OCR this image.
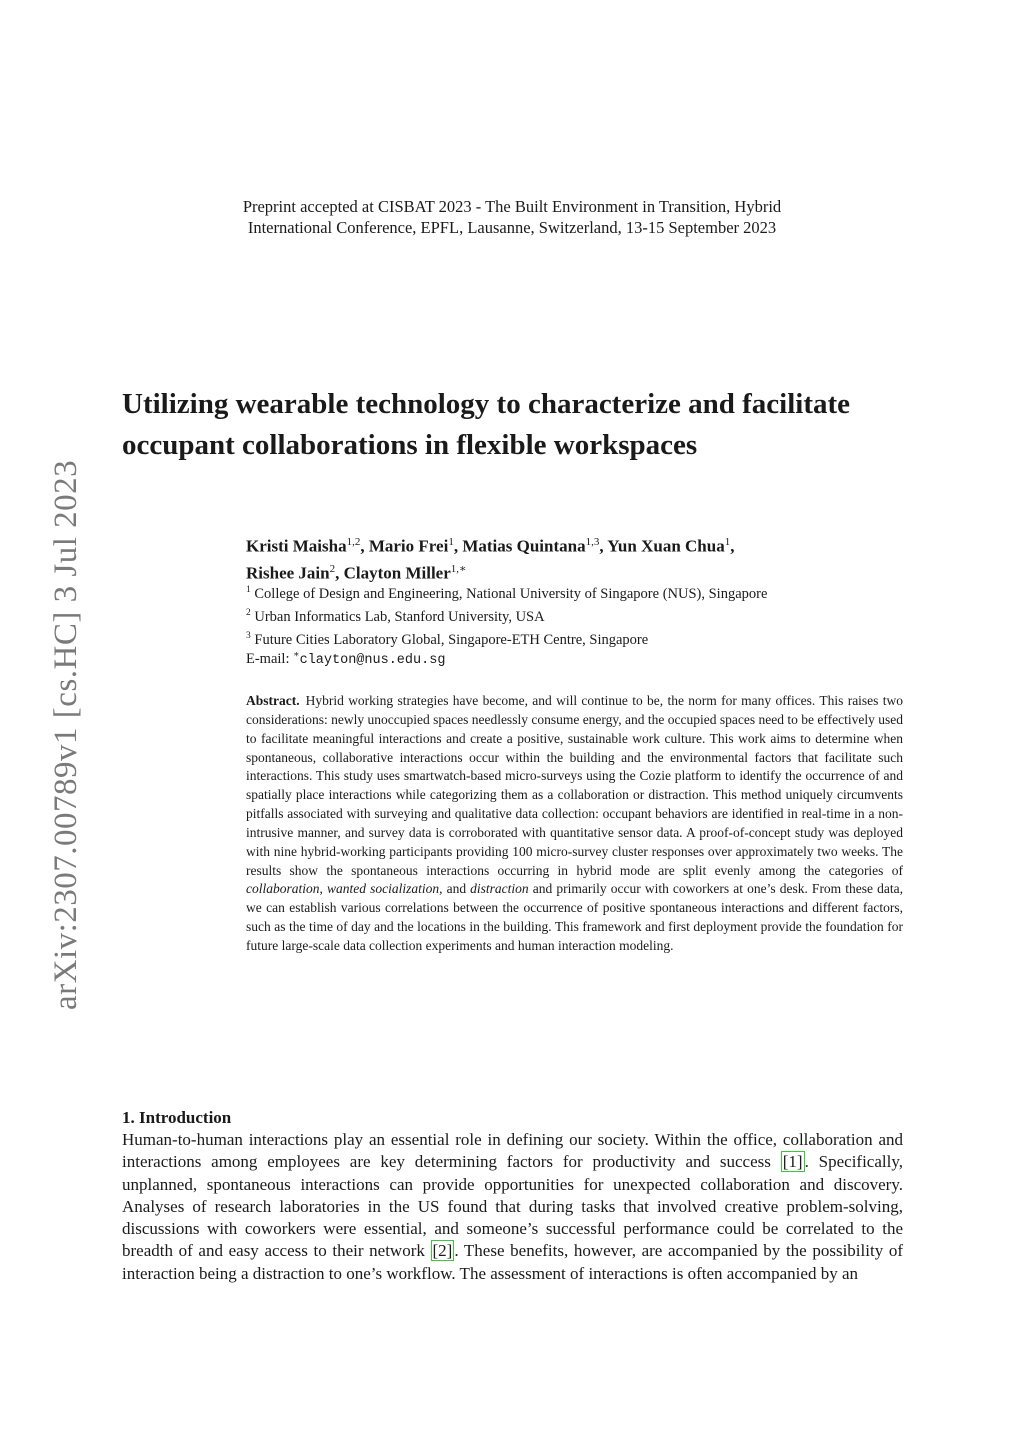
Preprint accepted at CISBAT 2023 - The Built Environment in Transition, Hybrid
International Conference, EPFL, Lausanne, Switzerland, 13-15 September 2023
arXiv:2307.00789v1 [cs.HC] 3 Jul 2023
Utilizing wearable technology to characterize and facilitate occupant collaborations in flexible workspaces
Kristi Maisha$^{1,2}$, Mario Frei$^1$, Matias Quintana$^{1,3}$, Yun Xuan Chua$^1$,
Rishee Jain$^2$, Clayton Miller$^{1,∗}$
$^1$ College of Design and Engineering, National University of Singapore (NUS), Singapore
$^2$ Urban Informatics Lab, Stanford University, USA
$^3$ Future Cities Laboratory Global, Singapore-ETH Centre, Singapore
E-mail: ∗clayton@nus.edu.sg

Abstract. Hybrid working strategies have become, and will continue to be, the norm for many offices. This raises two considerations: newly unoccupied spaces needlessly consume energy, and the occupied spaces need to be effectively used to facilitate meaningful interactions and create a positive, sustainable work culture. This work aims to determine when spontaneous, collaborative interactions occur within the building and the environmental factors that facilitate such interactions. This study uses smartwatch-based micro-surveys using the Cozie platform to identify the occurrence of and spatially place interactions while categorizing them as a collaboration or distraction. This method uniquely circumvents pitfalls associated with surveying and qualitative data collection: occupant behaviors are identified in real-time in a non-intrusive manner, and survey data is corroborated with quantitative sensor data. A proof-of-concept study was deployed with nine hybrid-working participants providing 100 micro-survey cluster responses over approximately two weeks. The results show the spontaneous interactions occurring in hybrid mode are split evenly among the categories of collaboration, wanted socialization, and distraction and primarily occur with coworkers at one’s desk. From these data, we can establish various correlations between the occurrence of positive spontaneous interactions and different factors, such as the time of day and the locations in the building. This framework and first deployment provide the foundation for future large-scale data collection experiments and human interaction modeling.

1. Introduction

Human-to-human interactions play an essential role in defining our society. Within the office, collaboration and interactions among employees are key determining factors for productivity and success [1] . Specifically, unplanned, spontaneous interactions can provide opportunities for unexpected collaboration and discovery. Analyses of research laboratories in the US found that during tasks that involved creative problem-solving, discussions with coworkers were essential, and someone’s successful performance could be correlated to the breadth of and easy access to their network [2] . These benefits, however, are accompanied by the possibility of interaction being a distraction to one’s workflow. The assessment of interactions is often accompanied by an
